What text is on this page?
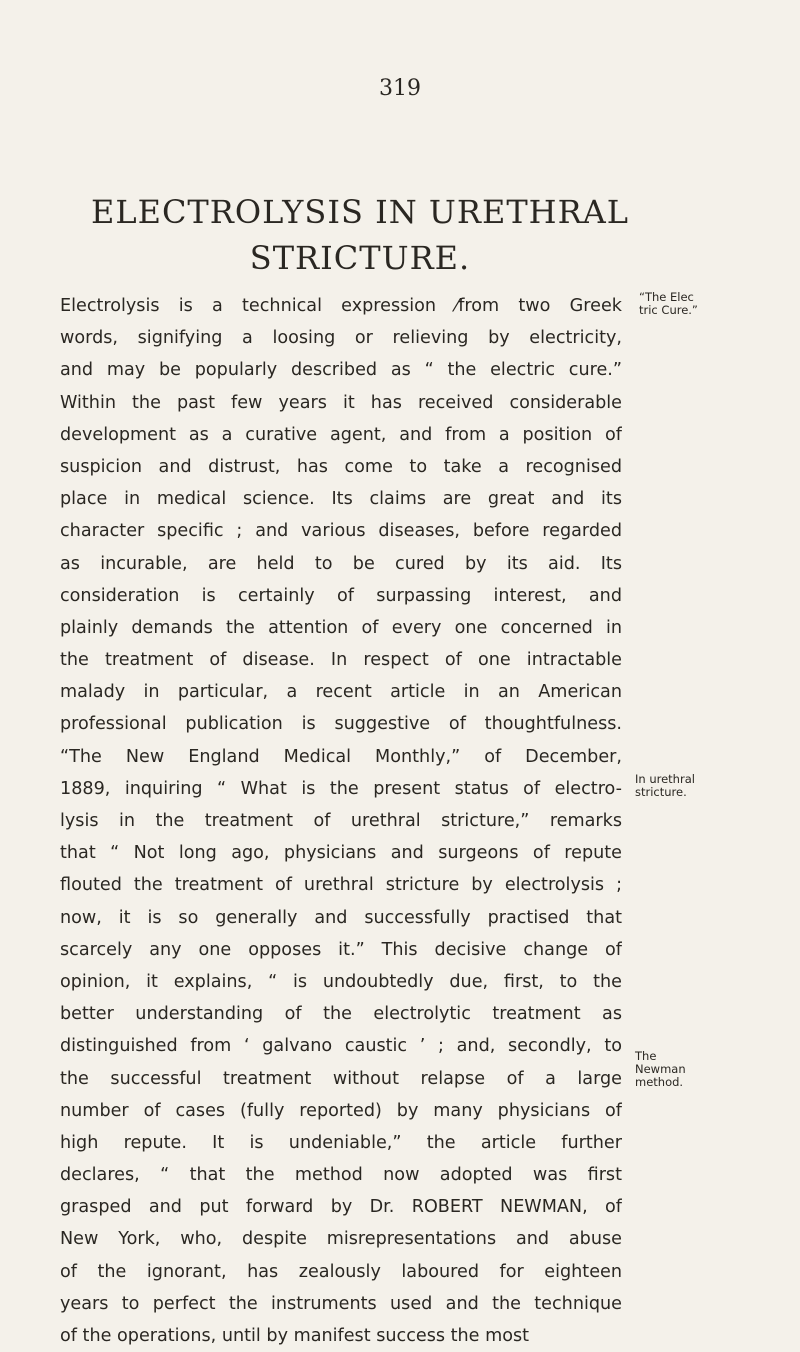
319
ELECTROLYSIS IN URETHRAL
STRICTURE.
Electrolysis is a technical expression ⁄from two Greek
words, signifying a loosing or relieving by electricity,
and may be popularly described as “ the electric cure.”
Within the past few years it has received considerable
development as a curative agent, and from a position of
suspicion and distrust, has come to take a recognised
place in medical science. Its claims are great and its
character specific ; and various diseases, before regarded
as incurable, are held to be cured by its aid. Its
consideration is certainly of surpassing interest, and
plainly demands the attention of every one concerned in
the treatment of disease. In respect of one intractable
malady in particular, a recent article in an American
professional publication is suggestive of thoughtfulness.
“The New England Medical Monthly,” of December,
1889, inquiring “ What is the present status of electro-
lysis in the treatment of urethral stricture,” remarks
that “ Not long ago, physicians and surgeons of repute
flouted the treatment of urethral stricture by electrolysis ;
now, it is so generally and successfully practised that
scarcely any one opposes it.” This decisive change of
opinion, it explains, “ is undoubtedly due, first, to the
better understanding of the electrolytic treatment as
distinguished from ‘ galvano caustic ’ ; and, secondly, to
the successful treatment without relapse of a large
number of cases (fully reported) by many physicians of
high repute. It is undeniable,” the article further
declares, “ that the method now adopted was first
grasped and put forward by Dr. ROBERT NEWMAN, of
New York, who, despite misrepresentations and abuse
of the ignorant, has zealously laboured for eighteen
years to perfect the instruments used and the technique
of the operations, until by manifest success the most
“The Elec
tric Cure.”
In urethral
stricture.
The
Newman
method.
